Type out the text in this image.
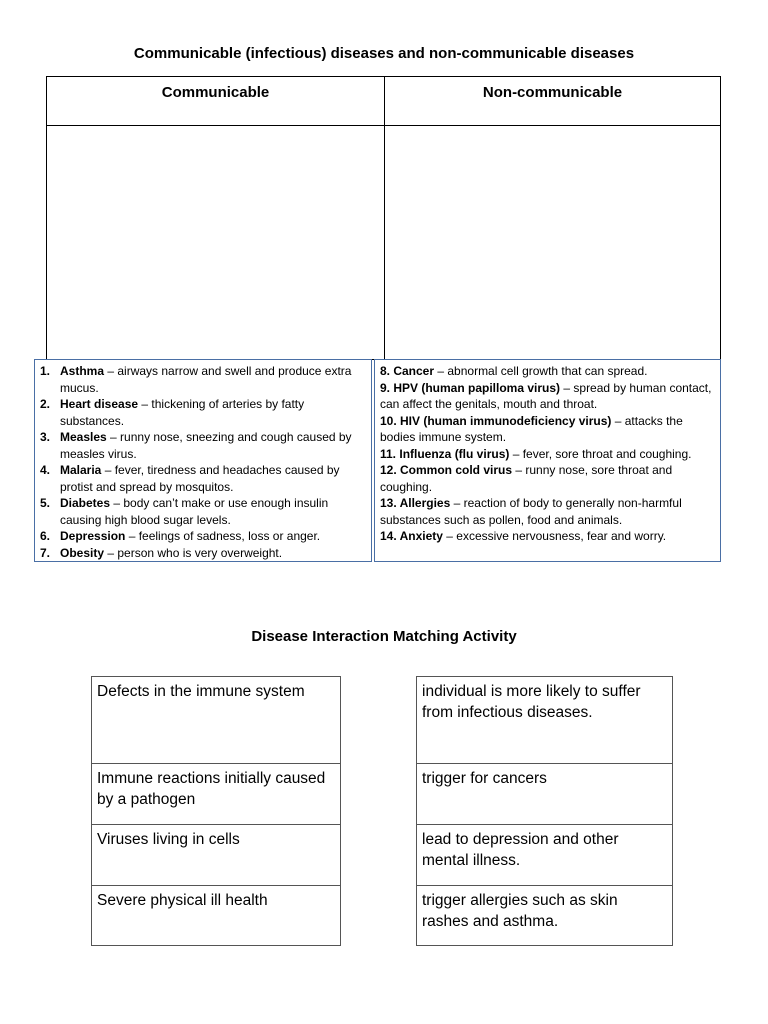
Communicable (infectious) diseases and non-communicable diseases
Communicable	Non-communicable
1. Asthma – airways narrow and swell and produce extra mucus.
2. Heart disease – thickening of arteries by fatty substances.
3. Measles – runny nose, sneezing and cough caused by measles virus.
4. Malaria – fever, tiredness and headaches caused by protist and spread by mosquitos.
5. Diabetes – body can’t make or use enough insulin causing high blood sugar levels.
6. Depression – feelings of sadness, loss or anger.
7. Obesity – person who is very overweight.
8. Cancer – abnormal cell growth that can spread.
9. HPV (human papilloma virus) – spread by human contact, can affect the genitals, mouth and throat.
10. HIV (human immunodeficiency virus) – attacks the bodies immune system.
11. Influenza (flu virus) – fever, sore throat and coughing.
12. Common cold virus – runny nose, sore throat and coughing.
13. Allergies – reaction of body to generally non-harmful substances such as pollen, food and animals.
14. Anxiety – excessive nervousness, fear and worry.
Disease Interaction Matching Activity
Defects in the immune system
Immune reactions initially caused by a pathogen
Viruses living in cells
Severe physical ill health
individual is more likely to suffer from infectious diseases.
trigger for cancers
lead to depression and other mental illness.
trigger allergies such as skin rashes and asthma.
